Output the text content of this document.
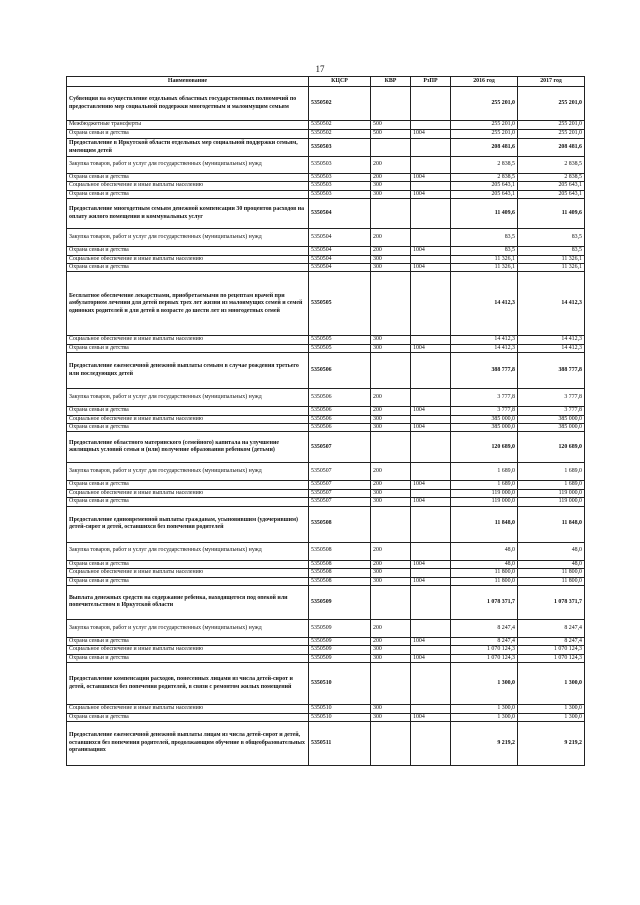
17
Наименование	КЦСР	КВР	РзПР	2016 год	2017 год
Субвенция на осуществление отдельных областных государственных полномочий по предоставлению мер социальной поддержки многодетным и малоимущим семьям	5350502			255 201,0	255 201,0
Межбюджетные трансферты	5350502	500		255 201,0	255 201,0
Охрана семьи и детства	5350502	500	1004	255 201,0	255 201,0
Предоставление в Иркутской области отдельных мер социальной поддержки семьям, имеющим детей	5350503			208 481,6	208 481,6
Закупка товаров, работ и услуг для государственных (муниципальных) нужд	5350503	200		2 838,5	2 838,5
Охрана семьи и детства	5350503	200	1004	2 838,5	2 838,5
Социальное обеспечение и иные выплаты населению	5350503	300		205 643,1	205 643,1
Охрана семьи и детства	5350503	300	1004	205 643,1	205 643,1
Предоставление многодетным семьям денежной компенсации 30 процентов расходов на оплату жилого помещения и коммунальных услуг	5350504			11 409,6	11 409,6
Закупка товаров, работ и услуг для государственных (муниципальных) нужд	5350504	200		83,5	83,5
Охрана семьи и детства	5350504	200	1004	83,5	83,5
Социальное обеспечение и иные выплаты населению	5350504	300		11 326,1	11 326,1
Охрана семьи и детства	5350504	300	1004	11 326,1	11 326,1
Бесплатное обеспечение лекарствами, приобретаемыми по рецептам врачей при амбулаторном лечении для детей первых трех лет жизни из малоимущих семей и семей одиноких родителей и для детей в возрасте до шести лет из многодетных семей	5350505			14 412,3	14 412,3
Социальное обеспечение и иные выплаты населению	5350505	300		14 412,3	14 412,3
Охрана семьи и детства	5350505	300	1004	14 412,3	14 412,3
Предоставление ежемесячной денежной выплаты семьям в случае рождения третьего или последующих детей	5350506			388 777,8	388 777,8
Закупка товаров, работ и услуг для государственных (муниципальных) нужд	5350506	200		3 777,8	3 777,8
Охрана семьи и детства	5350506	200	1004	3 777,8	3 777,8
Социальное обеспечение и иные выплаты населению	5350506	300		385 000,0	385 000,0
Охрана семьи и детства	5350506	300	1004	385 000,0	385 000,0
Предоставление областного материнского (семейного) капитала на улучшение жилищных условий семьи и (или) получение образования ребенком (детьми)	5350507			120 689,0	120 689,0
Закупка товаров, работ и услуг для государственных (муниципальных) нужд	5350507	200		1 689,0	1 689,0
Охрана семьи и детства	5350507	200	1004	1 689,0	1 689,0
Социальное обеспечение и иные выплаты населению	5350507	300		119 000,0	119 000,0
Охрана семьи и детства	5350507	300	1004	119 000,0	119 000,0
Предоставление единовременной выплаты гражданам, усыновившим (удочерившим) детей-сирот и детей, оставшихся без попечения родителей	5350508			11 848,0	11 848,0
Закупка товаров, работ и услуг для государственных (муниципальных) нужд	5350508	200		48,0	48,0
Охрана семьи и детства	5350508	200	1004	48,0	48,0
Социальное обеспечение и иные выплаты населению	5350508	300		11 800,0	11 800,0
Охрана семьи и детства	5350508	300	1004	11 800,0	11 800,0
Выплата денежных средств на содержание ребенка, находящегося под опекой или попечительством в Иркутской области	5350509			1 078 371,7	1 078 371,7
Закупка товаров, работ и услуг для государственных (муниципальных) нужд	5350509	200		8 247,4	8 247,4
Охрана семьи и детства	5350509	200	1004	8 247,4	8 247,4
Социальное обеспечение и иные выплаты населению	5350509	300		1 070 124,3	1 070 124,3
Охрана семьи и детства	5350509	300	1004	1 070 124,3	1 070 124,3
Предоставление компенсации расходов, понесенных лицами из числа детей-сирот и детей, оставшихся без попечения родителей, в связи с ремонтом жилых помещений	5350510			1 300,0	1 300,0
Социальное обеспечение и иные выплаты населению	5350510	300		1 300,0	1 300,0
Охрана семьи и детства	5350510	300	1004	1 300,0	1 300,0
Предоставление ежемесячной денежной выплаты лицам из числа детей-сирот и детей, оставшихся без попечения родителей, продолжающим обучение в общеобразовательных организациях	5350511			9 219,2	9 219,2
